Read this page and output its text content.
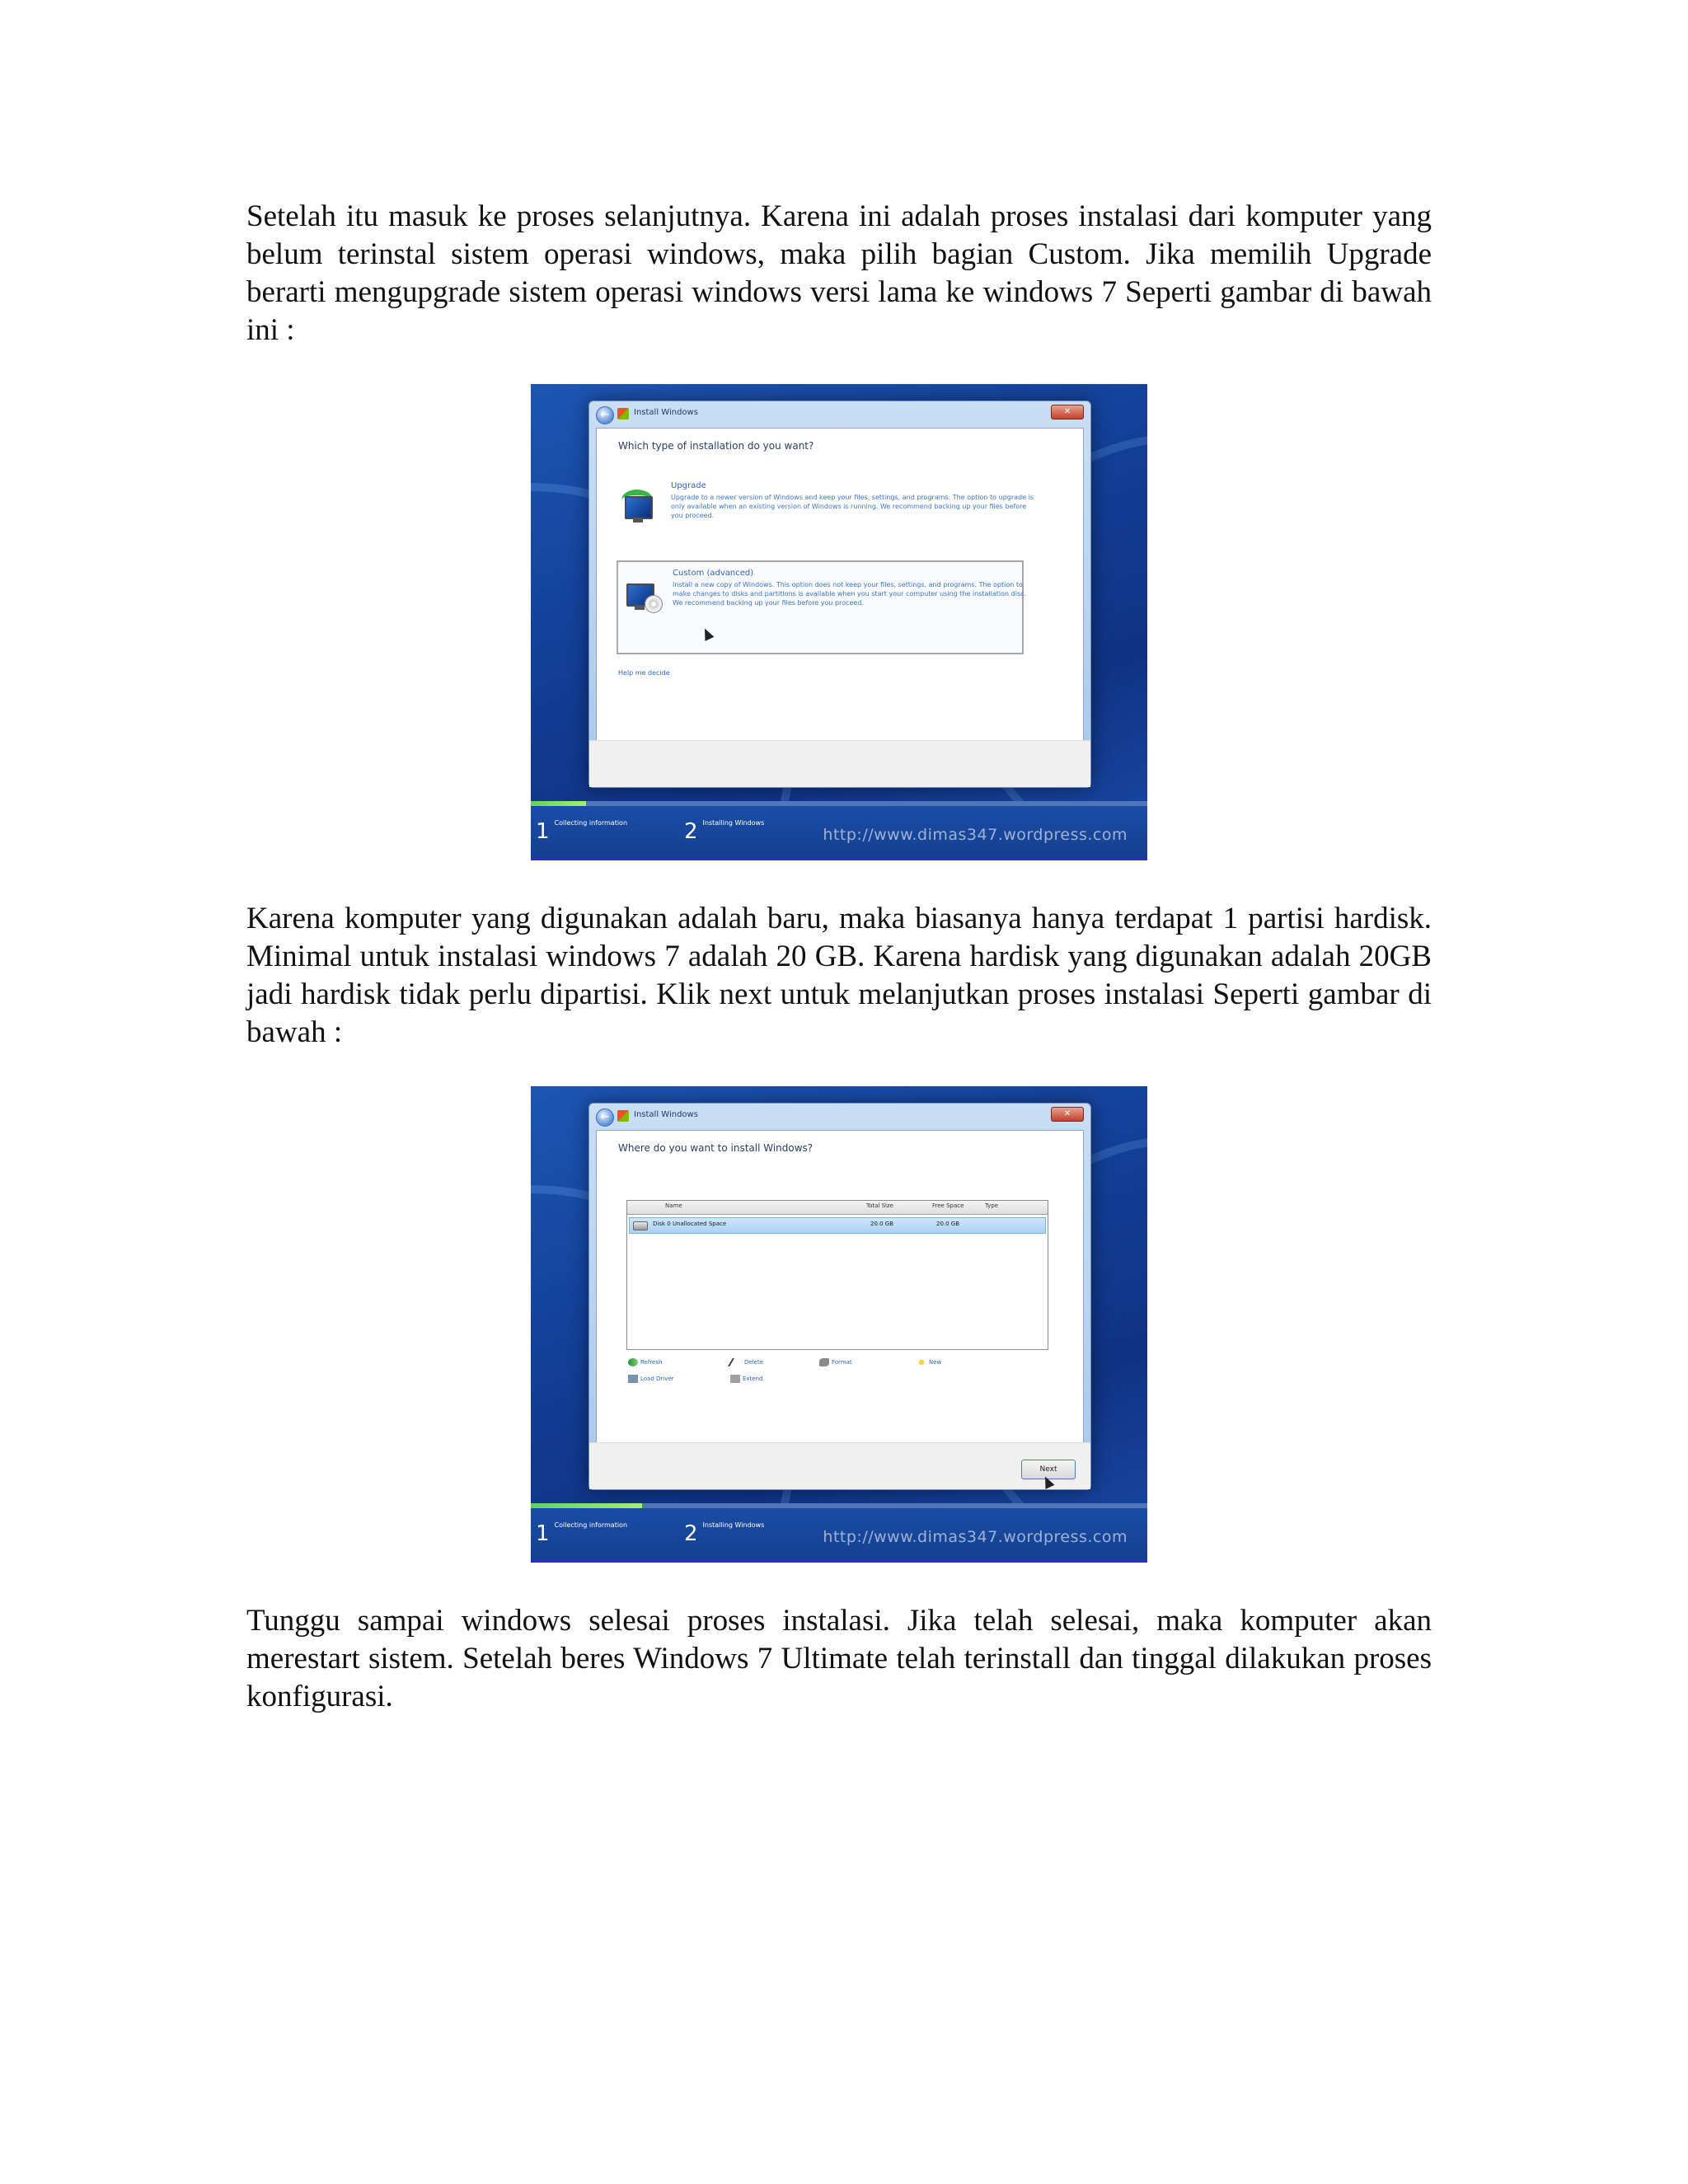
Setelah itu masuk ke proses selanjutnya. Karena ini adalah proses instalasi dari komputer yang belum terinstal sistem operasi windows, maka pilih bagian Custom. Jika memilih Upgrade berarti mengupgrade sistem operasi windows versi lama ke windows 7 Seperti gambar di bawah ini :

←	Install Windows	✕
Which type of installation do you want?
Upgrade
Upgrade to a newer version of Windows and keep your files, settings, and programs. The option to upgrade is only available when an existing version of Windows is running. We recommend backing up your files before you proceed.
Custom (advanced)
Install a new copy of Windows. This option does not keep your files, settings, and programs. The option to make changes to disks and partitions is available when you start your computer using the installation disc. We recommend backing up your files before you proceed.
Help me decide
1 $^{Collecting information}$	2 $^{Installing Windows}$
http://www.dimas347.wordpress.com

Karena komputer yang digunakan adalah baru, maka biasanya hanya terdapat 1 partisi hardisk. Minimal untuk instalasi windows 7 adalah 20 GB. Karena hardisk yang digunakan adalah 20GB jadi hardisk tidak perlu dipartisi. Klik next untuk melanjutkan proses instalasi Seperti gambar di bawah :

←	Install Windows	✕
Where do you want to install Windows?
Name	Total Size	Free Space	Type
Disk 0 Unallocated Space	20.0 GB	20.0 GB
Refresh	Delete	Format	New
Load Driver	Extend
Next
1 $^{Collecting information}$	2 $^{Installing Windows}$
http://www.dimas347.wordpress.com

Tunggu sampai windows selesai proses instalasi. Jika telah selesai, maka komputer akan merestart sistem. Setelah beres Windows 7 Ultimate telah terinstall dan tinggal dilakukan proses konfigurasi.
